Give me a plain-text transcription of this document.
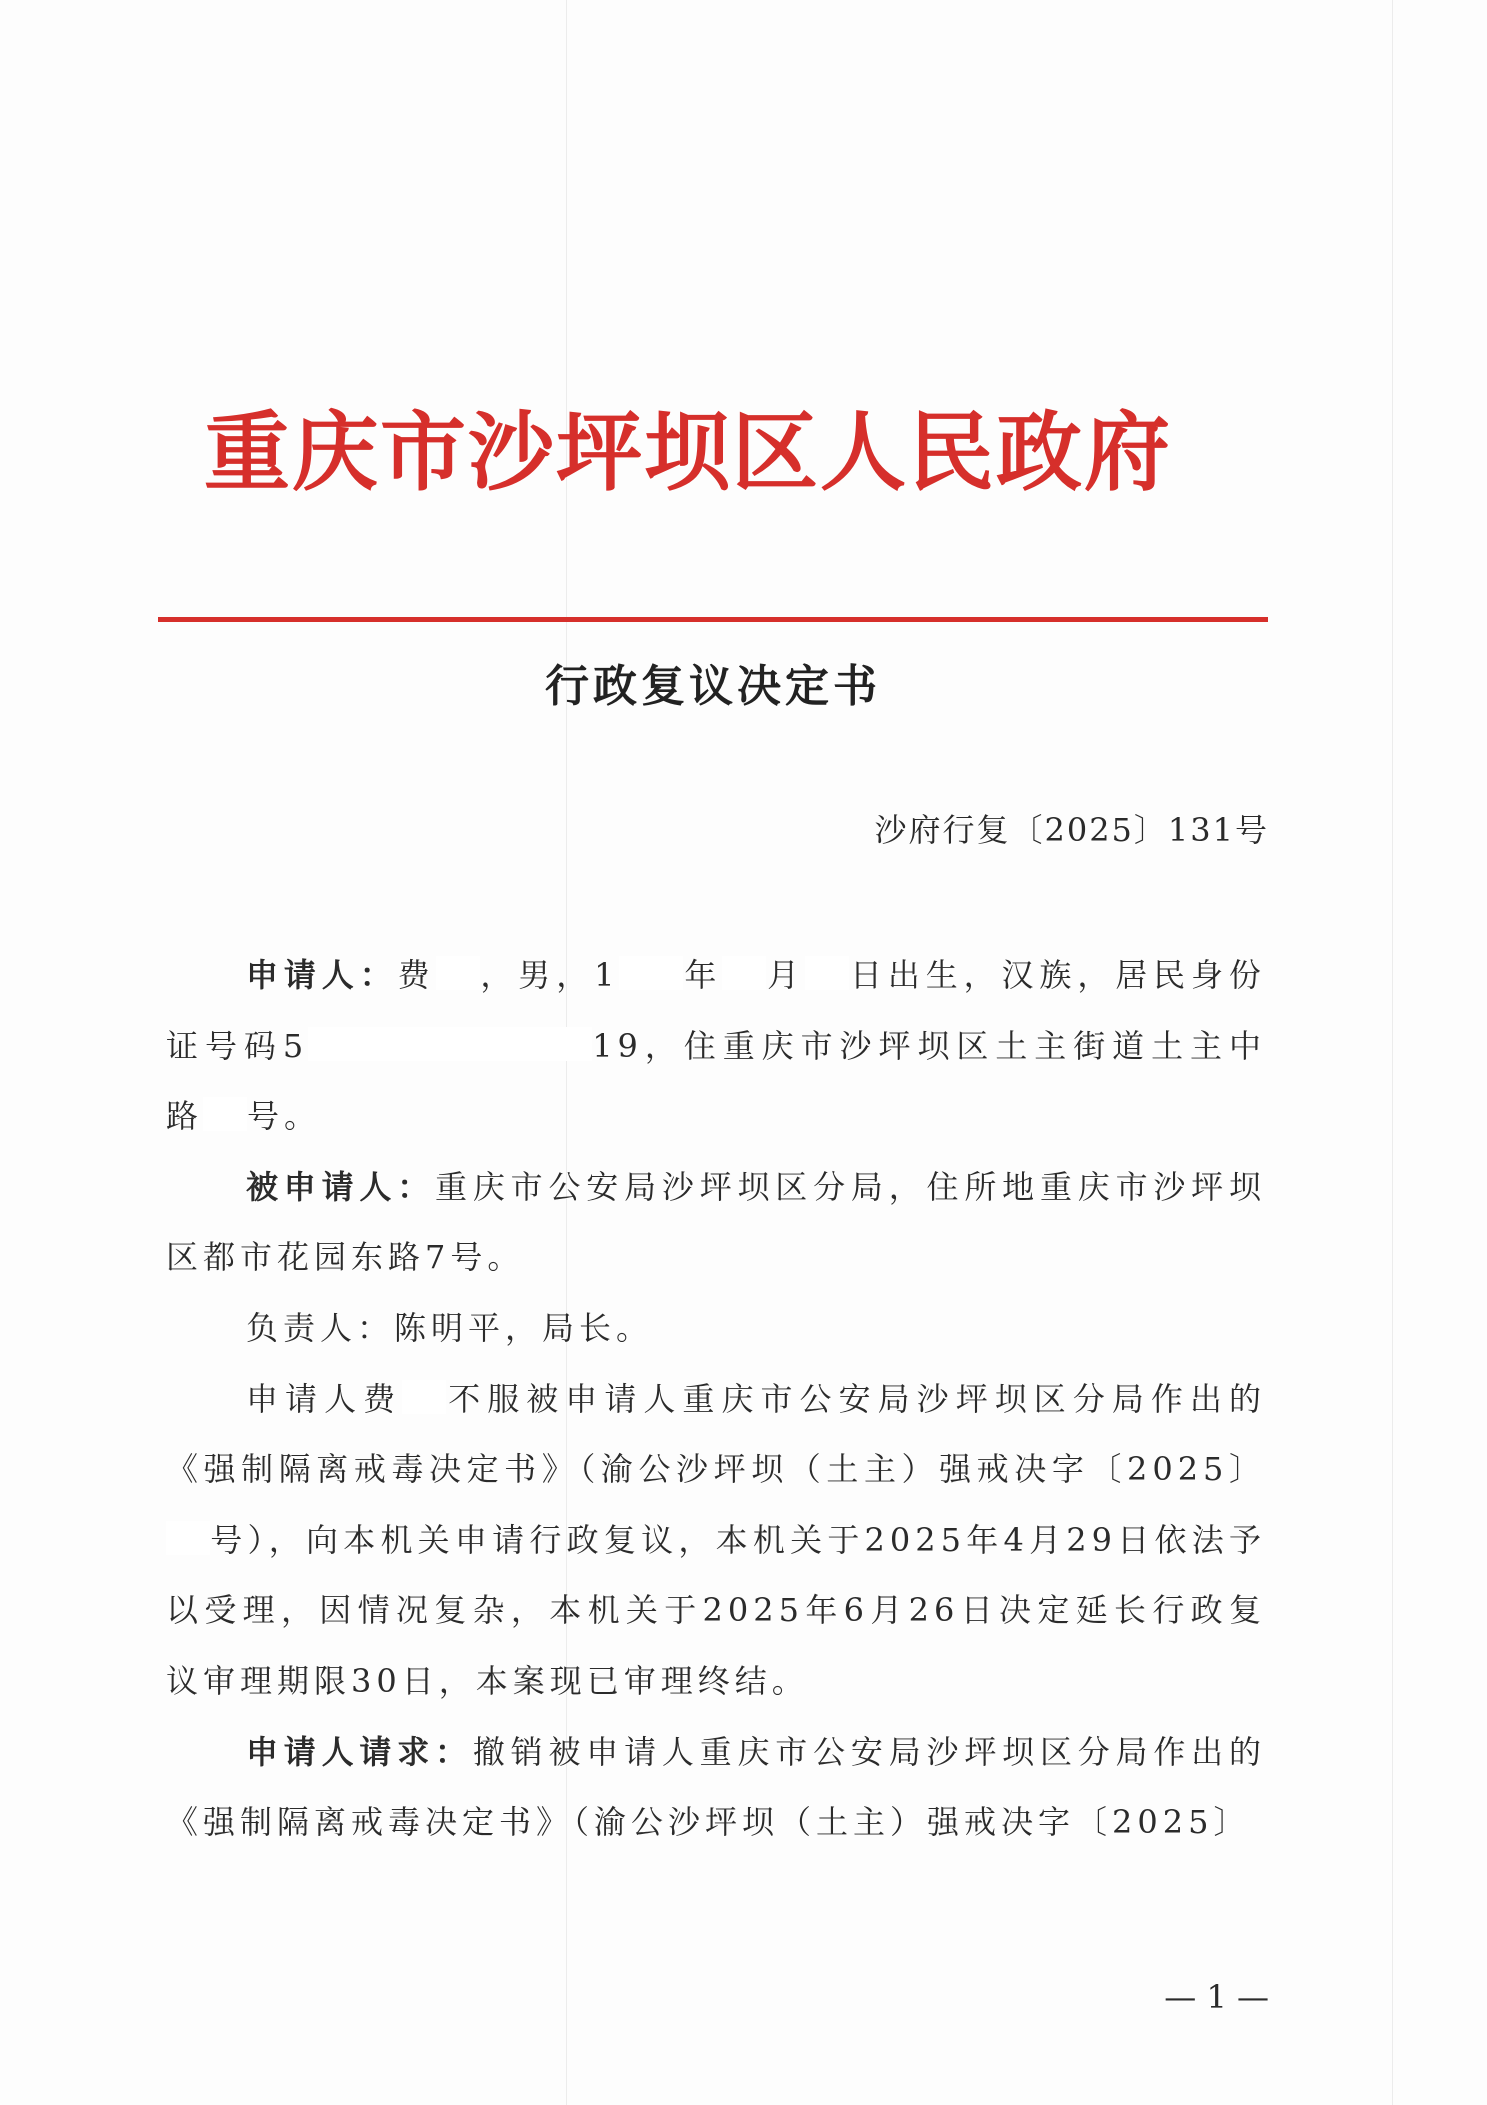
重庆市沙坪坝区人民政府
行政复议决定书
沙府行复〔2025〕131号

申请人：费 ，男，1 年 月 日出生，汉族，居民身份证号码5	19，住重庆市沙坪坝区土主街道土主中路 号。

被申请人：重庆市公安局沙坪坝区分局，住所地重庆市沙坪坝区都市花园东路7号。

负责人：陈明平，局长。

申请人费 不服被申请人重庆市公安局沙坪坝区分局作出的《强制隔离戒毒决定书》（渝公沙坪坝（土主）强戒决字〔2025〕号），向本机关申请行政复议，本机关于2025年4月29日依法予以受理，因情况复杂，本机关于2025年6月26日决定延长行政复议审理期限30日，本案现已审理终结。

申请人请求：撤销被申请人重庆市公安局沙坪坝区分局作出的《强制隔离戒毒决定书》（渝公沙坪坝（土主）强戒决字〔2025〕

— 1 —
